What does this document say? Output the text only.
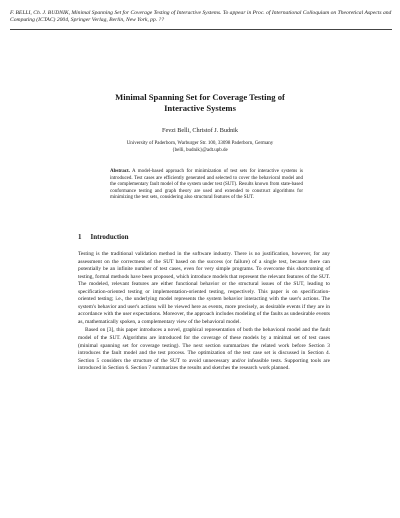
F. BELLI, Ch. J. BUDNIK, Minimal Spanning Set for Coverage Testing of Interactive Systems. To appear in Proc. of International Colloquium on Theoretical Aspects and Computing (ICTAC) 2004, Springer Verlag, Berlin, New York, pp. ??
Minimal Spanning Set for Coverage Testing of
Interactive Systems
Fevzi Belli, Christof J. Budnik
University of Paderborn, Warburger Str. 100, 33098 Paderborn, Germany
{belli, budnik}@adt.upb.de
Abstract. A model-based approach for minimization of test sets for interactive systems is introduced. Test cases are efficiently generated and selected to cover the behavioral model and the complementary fault model of the system under test (SUT). Results known from state-based conformance testing and graph theory are used and extended to construct algorithms for minimizing the test sets, considering also structural features of the SUT.
1 Introduction

Testing is the traditional validation method in the software industry. There is no justification, however, for any assessment on the correctness of the SUT based on the success (or failure) of a single test, because there can potentially be an infinite number of test cases, even for very simple programs. To overcome this shortcoming of testing, formal methods have been proposed, which introduce models that represent the relevant features of the SUT. The modeled, relevant features are either functional behavior or the structural issues of the SUT, leading to specification-oriented testing or implementation-oriented testing, respectively. This paper is on specification-oriented testing; i.e., the underlying model represents the system behavior interacting with the user's actions. The system's behavior and user's actions will be viewed here as events, more precisely, as desirable events if they are in accordance with the user expectations. Moreover, the approach includes modeling of the faults as undesirable events as, mathematically spoken, a complementary view of the behavioral model.

Based on [3], this paper introduces a novel, graphical representation of both the behavioral model and the fault model of the SUT. Algorithms are introduced for the coverage of these models by a minimal set of test cases (minimal spanning set for coverage testing). The next section summarizes the related work before Section 3 introduces the fault model and the test process. The optimization of the test case set is discussed in Section 4. Section 5 considers the structure of the SUT to avoid unnecessary and/or infeasible tests. Supporting tools are introduced in Section 6. Section 7 summarizes the results and sketches the research work planned.
